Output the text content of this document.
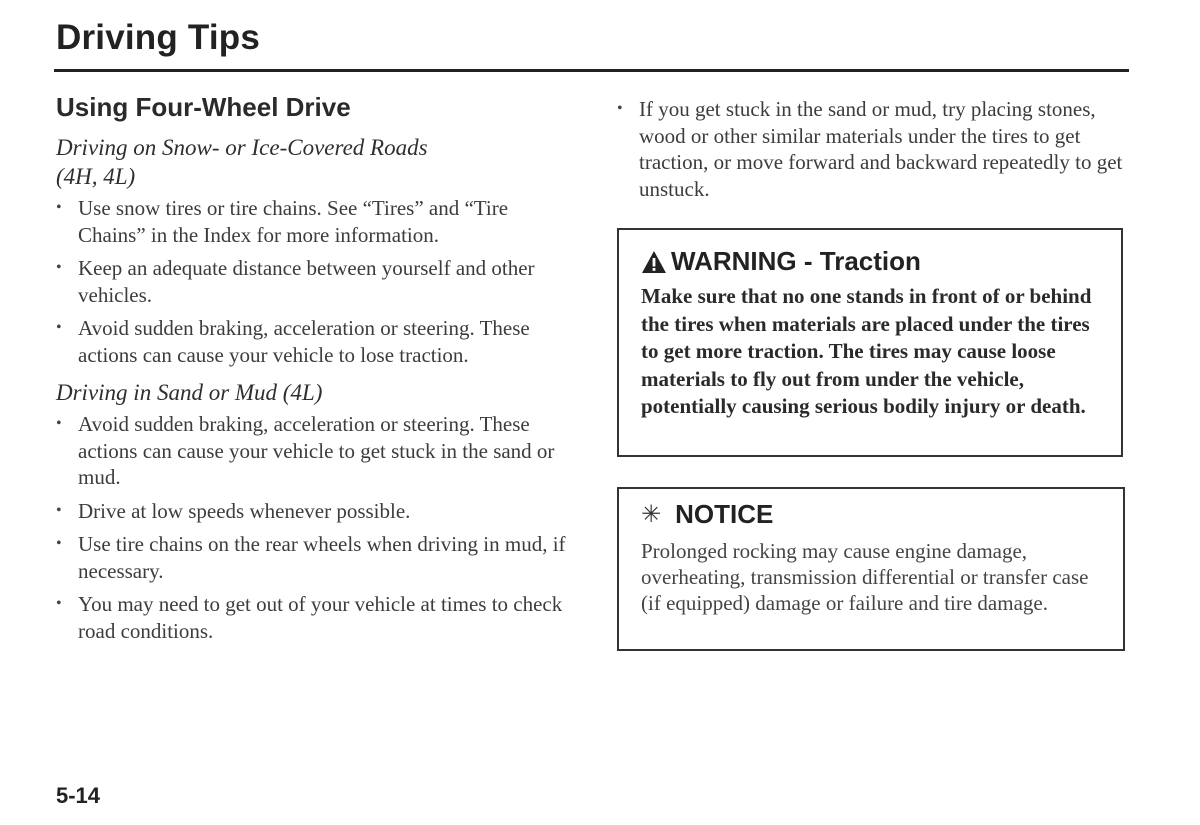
Driving Tips
Using Four-Wheel Drive
Driving on Snow- or Ice-Covered Roads
(4H, 4L)
• Use snow tires or tire chains. See “Tires” and “Tire Chains” in the Index for more information.
• Keep an adequate distance between yourself and other vehicles.
• Avoid sudden braking, acceleration or steering. These actions can cause your vehicle to lose traction.
Driving in Sand or Mud (4L)
• Avoid sudden braking, acceleration or steering. These actions can cause your vehicle to get stuck in the sand or mud.
• Drive at low speeds whenever possible.
• Use tire chains on the rear wheels when driving in mud, if necessary.
• You may need to get out of your vehicle at times to check road conditions.
• If you get stuck in the sand or mud, try placing stones, wood or other similar materials under the tires to get traction, or move forward and backward repeatedly to get unstuck.
WARNING - Traction
Make sure that no one stands in front of or behind the tires when materials are placed under the tires to get more traction. The tires may cause loose materials to fly out from under the vehicle, potentially causing serious bodily injury or death.
✳ NOTICE
Prolonged rocking may cause engine damage, overheating, transmission differential or transfer case (if equipped) damage or failure and tire damage.
5-14
